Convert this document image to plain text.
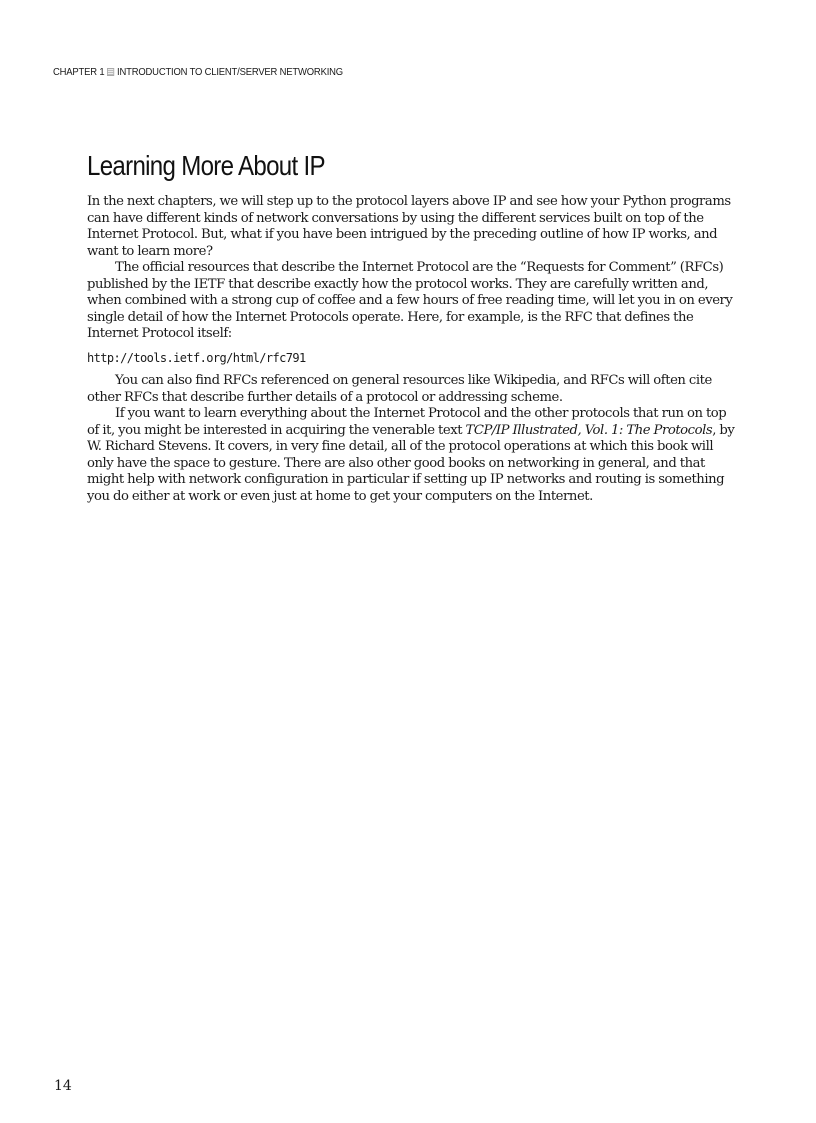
CHAPTER 1 INTRODUCTION TO CLIENT/SERVER NETWORKING
Learning More About IP

In the next chapters, we will step up to the protocol layers above IP and see how your Python programs can have different kinds of network conversations by using the different services built on top of the Internet Protocol. But, what if you have been intrigued by the preceding outline of how IP works, and want to learn more?

The official resources that describe the Internet Protocol are the “Requests for Comment” (RFCs) published by the IETF that describe exactly how the protocol works. They are carefully written and, when combined with a strong cup of coffee and a few hours of free reading time, will let you in on every single detail of how the Internet Protocols operate. Here, for example, is the RFC that defines the Internet Protocol itself:

http://tools.ietf.org/html/rfc791

You can also find RFCs referenced on general resources like Wikipedia, and RFCs will often cite other RFCs that describe further details of a protocol or addressing scheme.

If you want to learn everything about the Internet Protocol and the other protocols that run on top of it, you might be interested in acquiring the venerable text TCP/IP Illustrated, Vol. 1: The Protocols, by W. Richard Stevens. It covers, in very fine detail, all of the protocol operations at which this book will only have the space to gesture. There are also other good books on networking in general, and that might help with network configuration in particular if setting up IP networks and routing is something you do either at work or even just at home to get your computers on the Internet.

14
